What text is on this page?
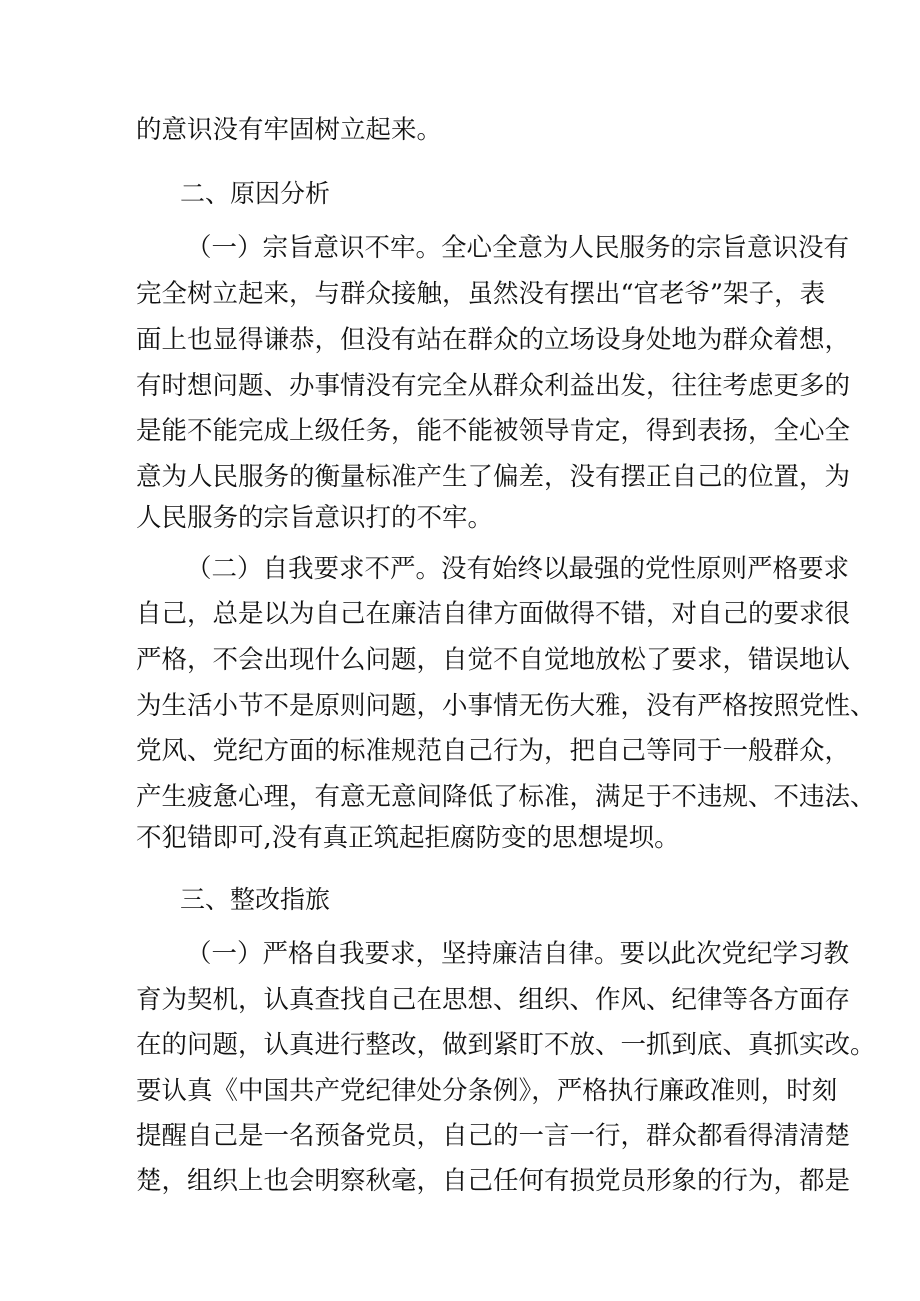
的意识没有牢固树立起来。
二、原因分析
（一）宗旨意识不牢。全心全意为人民服务的宗旨意识没有
完全树立起来，与群众接触，虽然没有摆出“官老爷”架子，表
面上也显得谦恭，但没有站在群众的立场设身处地为群众着想，
有时想问题、办事情没有完全从群众利益出发，往往考虑更多的
是能不能完成上级任务，能不能被领导肯定，得到表扬，全心全
意为人民服务的衡量标准产生了偏差，没有摆正自己的位置，为
人民服务的宗旨意识打的不牢。
（二）自我要求不严。没有始终以最强的党性原则严格要求
自己，总是以为自己在廉洁自律方面做得不错，对自己的要求很
严格，不会出现什么问题，自觉不自觉地放松了要求，错误地认
为生活小节不是原则问题，小事情无伤大雅，没有严格按照党性、
党风、党纪方面的标准规范自己行为，把自己等同于一般群众，
产生疲惫心理，有意无意间降低了标准，满足于不违规、不违法、
不犯错即可,没有真正筑起拒腐防变的思想堤坝。
三、整改指旅
（一）严格自我要求，坚持廉洁自律。要以此次党纪学习教
育为契机，认真查找自己在思想、组织、作风、纪律等各方面存
在的问题，认真进行整改，做到紧盯不放、一抓到底、真抓实改。
要认真《中国共产党纪律处分条例》，严格执行廉政准则，时刻
提醒自己是一名预备党员，自己的一言一行，群众都看得清清楚
楚，组织上也会明察秋毫，自己任何有损党员形象的行为，都是
